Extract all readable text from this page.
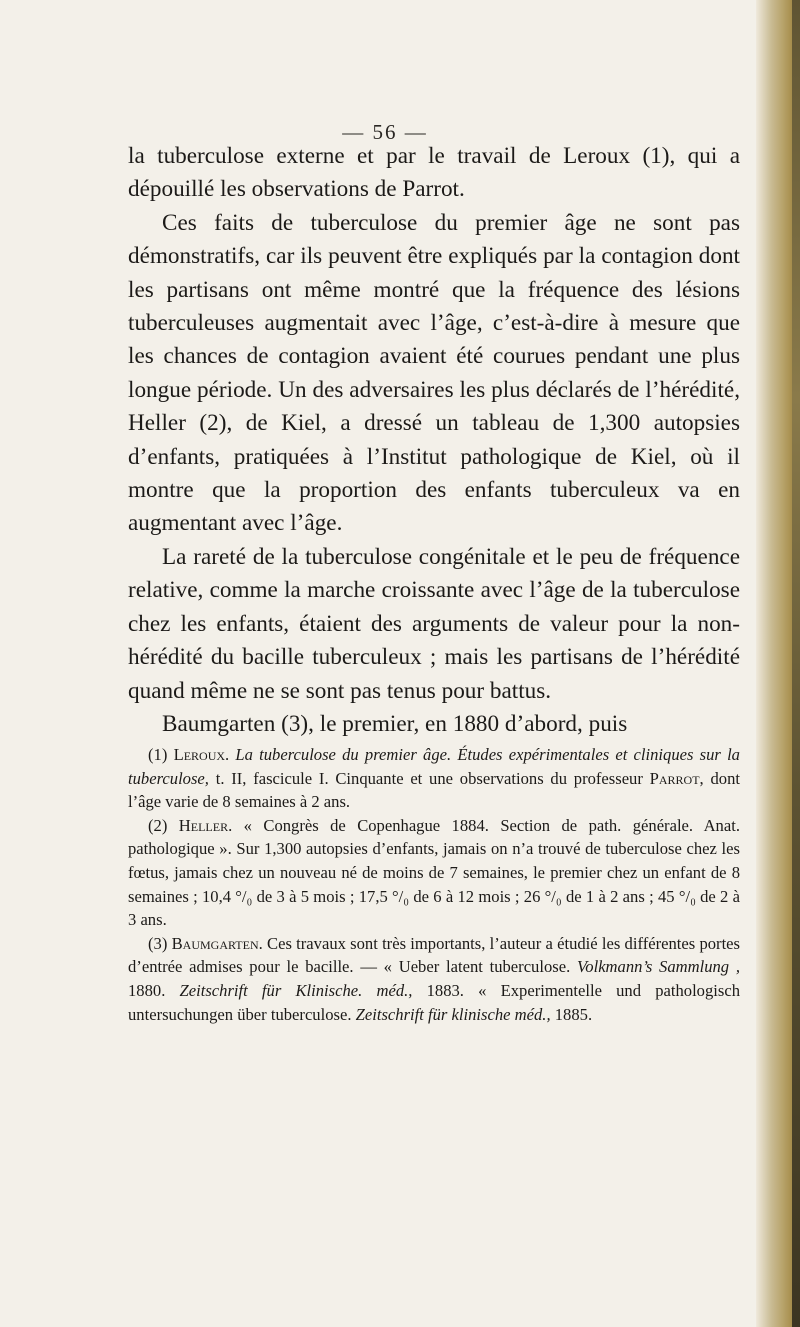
— 56 —

la tuberculose externe et par le travail de Leroux (1), qui a dépouillé les observations de Parrot.

Ces faits de tuberculose du premier âge ne sont pas démonstratifs, car ils peuvent être expliqués par la contagion dont les partisans ont même montré que la fréquence des lésions tuberculeuses augmentait avec l’âge, c’est-à-dire à mesure que les chances de contagion avaient été courues pendant une plus longue période. Un des adversaires les plus déclarés de l’hérédité, Heller (2), de Kiel, a dressé un tableau de 1,300 autopsies d’enfants, pratiquées à l’Institut pathologique de Kiel, où il montre que la proportion des enfants tuberculeux va en augmentant avec l’âge.

La rareté de la tuberculose congénitale et le peu de fréquence relative, comme la marche croissante avec l’âge de la tuberculose chez les enfants, étaient des arguments de valeur pour la non-hérédité du bacille tuberculeux ; mais les partisans de l’hérédité quand même ne se sont pas tenus pour battus.

Baumgarten (3), le premier, en 1880 d’abord, puis

(1) Leroux. La tuberculose du premier âge. Études expérimentales et cliniques sur la tuberculose, t. II, fascicule I. Cinquante et une observations du professeur Parrot, dont l’âge varie de 8 semaines à 2 ans.

(2) Heller. « Congrès de Copenhague 1884. Section de path. générale. Anat. pathologique ». Sur 1,300 autopsies d’enfants, jamais on n’a trouvé de tuberculose chez les fœtus, jamais chez un nouveau né de moins de 7 semaines, le premier chez un enfant de 8 semaines ; 10,4 °/₀ de 3 à 5 mois ; 17,5 °/₀ de 6 à 12 mois ; 26 °/₀ de 1 à 2 ans ; 45 °/₀ de 2 à 3 ans.

(3) Baumgarten. Ces travaux sont très importants, l’auteur a étudié les différentes portes d’entrée admises pour le bacille. — « Ueber latent tuberculose. Volkmann’s Sammlung , 1880. Zeitschrift für Klinische. méd., 1883. « Experimentelle und pathologisch untersuchungen über tuberculose. Zeitschrift für klinische méd., 1885.
